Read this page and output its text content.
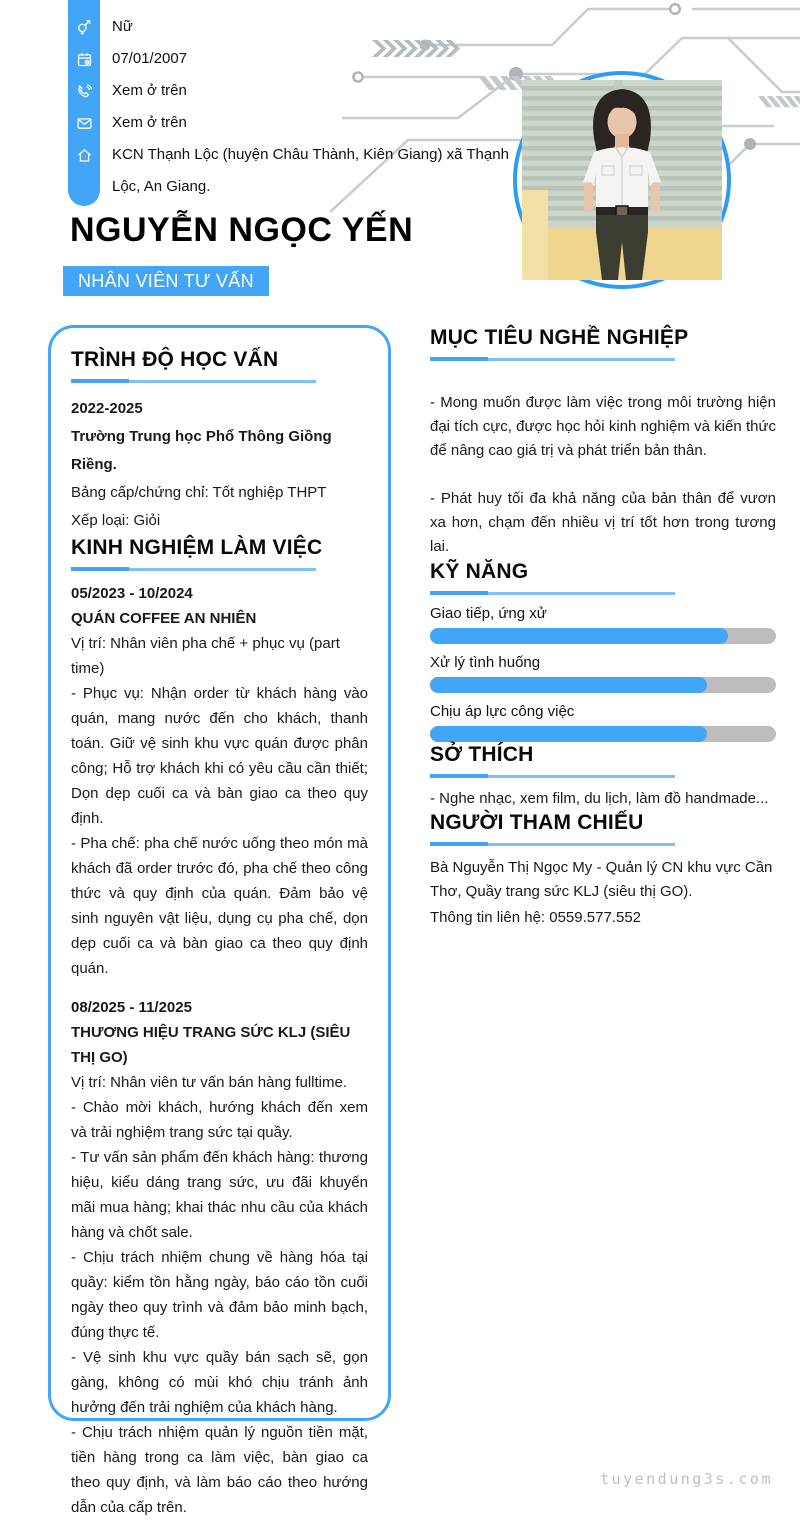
Nữ
07/01/2007
Xem ở trên
Xem ở trên
KCN Thạnh Lộc (huyện Châu Thành, Kiên Giang) xã Thạnh Lộc, An Giang.
NGUYỄN NGỌC YẾN
NHÂN VIÊN TƯ VẤN
TRÌNH ĐỘ HỌC VẤN
2022-2025
Trường Trung học Phổ Thông Giồng Riềng.
Bảng cấp/chứng chỉ: Tốt nghiệp THPT
Xếp loại: Giỏi
KINH NGHIỆM LÀM VIỆC
05/2023 - 10/2024
QUÁN COFFEE AN NHIÊN
Vị trí: Nhân viên pha chế + phục vụ (part time)

- Phục vụ: Nhận order từ khách hàng vào quán, mang nước đến cho khách, thanh toán. Giữ vệ sinh khu vực quán được phân công; Hỗ trợ khách khi có yêu cầu cần thiết; Dọn dẹp cuối ca và bàn giao ca theo quy định.

- Pha chế: pha chế nước uống theo món mà khách đã order trước đó, pha chế theo công thức và quy định của quán. Đảm bảo vệ sinh nguyên vật liệu, dụng cụ pha chế, dọn dẹp cuối ca và bàn giao ca theo quy định quán.

08/2025 - 11/2025
THƯƠNG HIỆU TRANG SỨC KLJ (SIÊU THỊ GO)
Vị trí: Nhân viên tư vấn bán hàng fulltime.

- Chào mời khách, hướng khách đến xem và trải nghiệm trang sức tại quầy.

- Tư vấn sản phẩm đến khách hàng: thương hiệu, kiểu dáng trang sức, ưu đãi khuyến mãi mua hàng; khai thác nhu cầu của khách hàng và chốt sale.

- Chịu trách nhiệm chung về hàng hóa tại quầy: kiểm tồn hằng ngày, báo cáo tồn cuối ngày theo quy trình và đảm bảo minh bạch, đúng thực tế.

- Vệ sinh khu vực quầy bán sạch sẽ, gọn gàng, không có mùi khó chịu tránh ảnh hưởng đến trải nghiệm của khách hàng.

- Chịu trách nhiệm quản lý nguồn tiền mặt, tiền hàng trong ca làm việc, bàn giao ca theo quy định, và làm báo cáo theo hướng dẫn của cấp trên.

MỤC TIÊU NGHỀ NGHIỆP

- Mong muốn được làm việc trong môi trường hiện đại tích cực, được học hỏi kinh nghiệm và kiến thức để nâng cao giá trị và phát triển bản thân.

- Phát huy tối đa khả năng của bản thân để vươn xa hơn, chạm đến nhiều vị trí tốt hơn trong tương lai.

KỸ NĂNG
Giao tiếp, ứng xử
Xử lý tình huống
Chịu áp lực công việc
SỞ THÍCH

- Nghe nhạc, xem film, du lịch, làm đồ handmade...

NGƯỜI THAM CHIẾU

Bà Nguyễn Thị Ngọc My - Quản lý CN khu vực Cần Thơ, Quầy trang sức KLJ (siêu thị GO).

Thông tin liên hệ: 0559.577.552

tuyendung3s.com
